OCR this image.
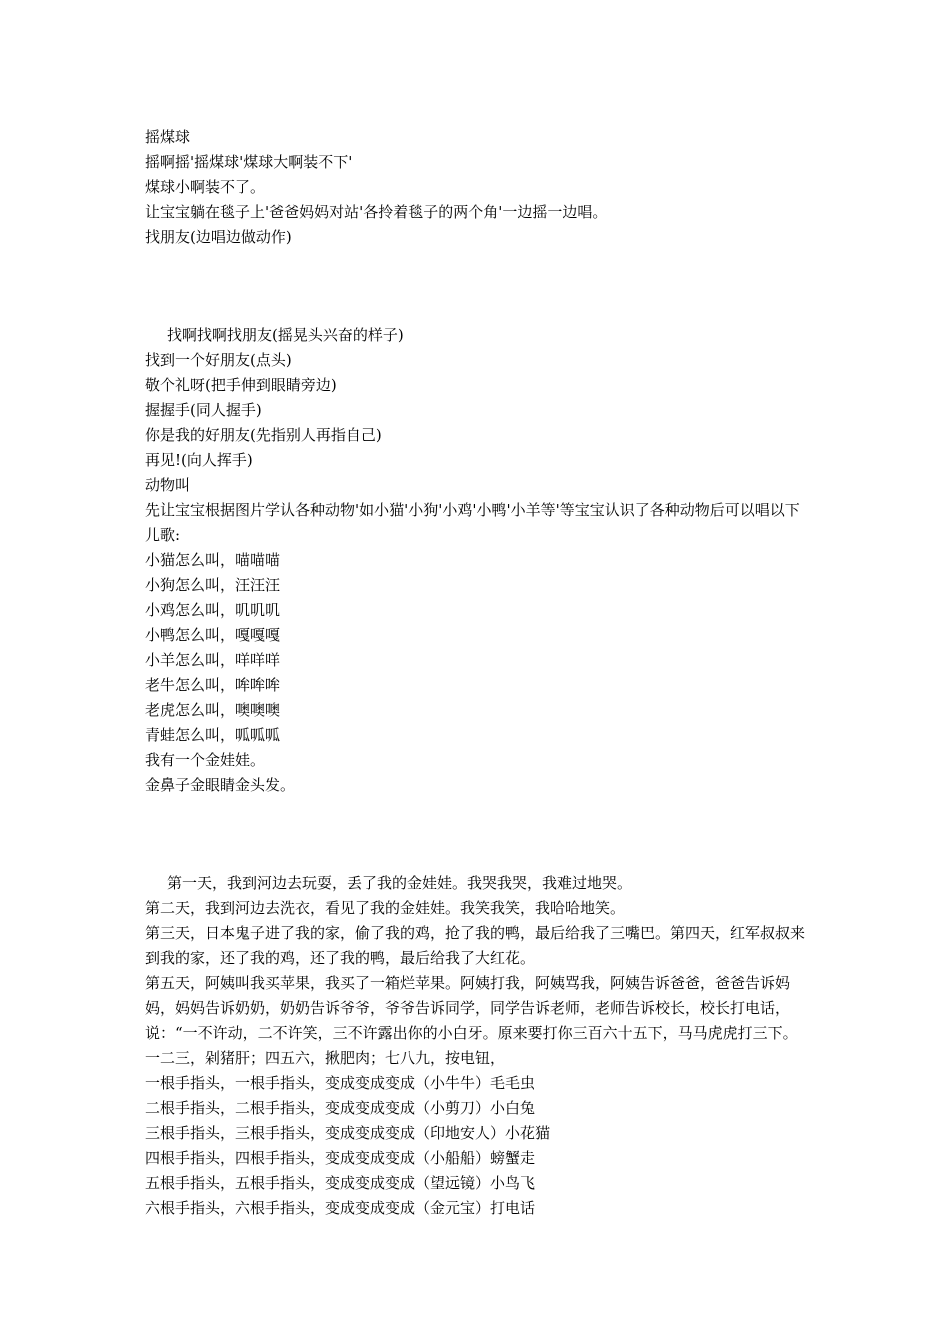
摇煤球

摇啊摇'摇煤球'煤球大啊装不下'

煤球小啊装不了。

让宝宝躺在毯子上'爸爸妈妈对站'各拎着毯子的两个角'一边摇一边唱。

找朋友(边唱边做动作)

找啊找啊找朋友(摇晃头兴奋的样子)

找到一个好朋友(点头)

敬个礼呀(把手伸到眼睛旁边)

握握手(同人握手)

你是我的好朋友(先指别人再指自己)

再见!(向人挥手)

动物叫

先让宝宝根据图片学认各种动物'如小猫'小狗'小鸡'小鸭'小羊等'等宝宝认识了各种动物后可以唱以下儿歌:

小猫怎么叫，喵喵喵

小狗怎么叫，汪汪汪

小鸡怎么叫，叽叽叽

小鸭怎么叫，嘎嘎嘎

小羊怎么叫，咩咩咩

老牛怎么叫，哞哞哞

老虎怎么叫，噢噢噢

青蛙怎么叫，呱呱呱

我有一个金娃娃。

金鼻子金眼睛金头发。

第一天，我到河边去玩耍，丢了我的金娃娃。我哭我哭，我难过地哭。

第二天，我到河边去洗衣，看见了我的金娃娃。我笑我笑，我哈哈地笑。

第三天，日本鬼子进了我的家，偷了我的鸡，抢了我的鸭，最后给我了三嘴巴。第四天，红军叔叔来到我的家，还了我的鸡，还了我的鸭，最后给我了大红花。

第五天，阿姨叫我买苹果，我买了一箱烂苹果。阿姨打我，阿姨骂我，阿姨告诉爸爸，爸爸告诉妈妈，妈妈告诉奶奶，奶奶告诉爷爷，爷爷告诉同学，同学告诉老师，老师告诉校长，校长打电话，说：“一不许动，二不许笑，三不许露出你的小白牙。原来要打你三百六十五下，马马虎虎打三下。一二三，剁猪肝；四五六，揪肥肉；七八九，按电钮，

一根手指头，一根手指头，变成变成变成（小牛牛）毛毛虫

二根手指头，二根手指头，变成变成变成（小剪刀）小白兔

三根手指头，三根手指头，变成变成变成（印地安人）小花猫

四根手指头，四根手指头，变成变成变成（小船船）螃蟹走

五根手指头，五根手指头，变成变成变成（望远镜）小鸟飞

六根手指头，六根手指头，变成变成变成（金元宝）打电话
